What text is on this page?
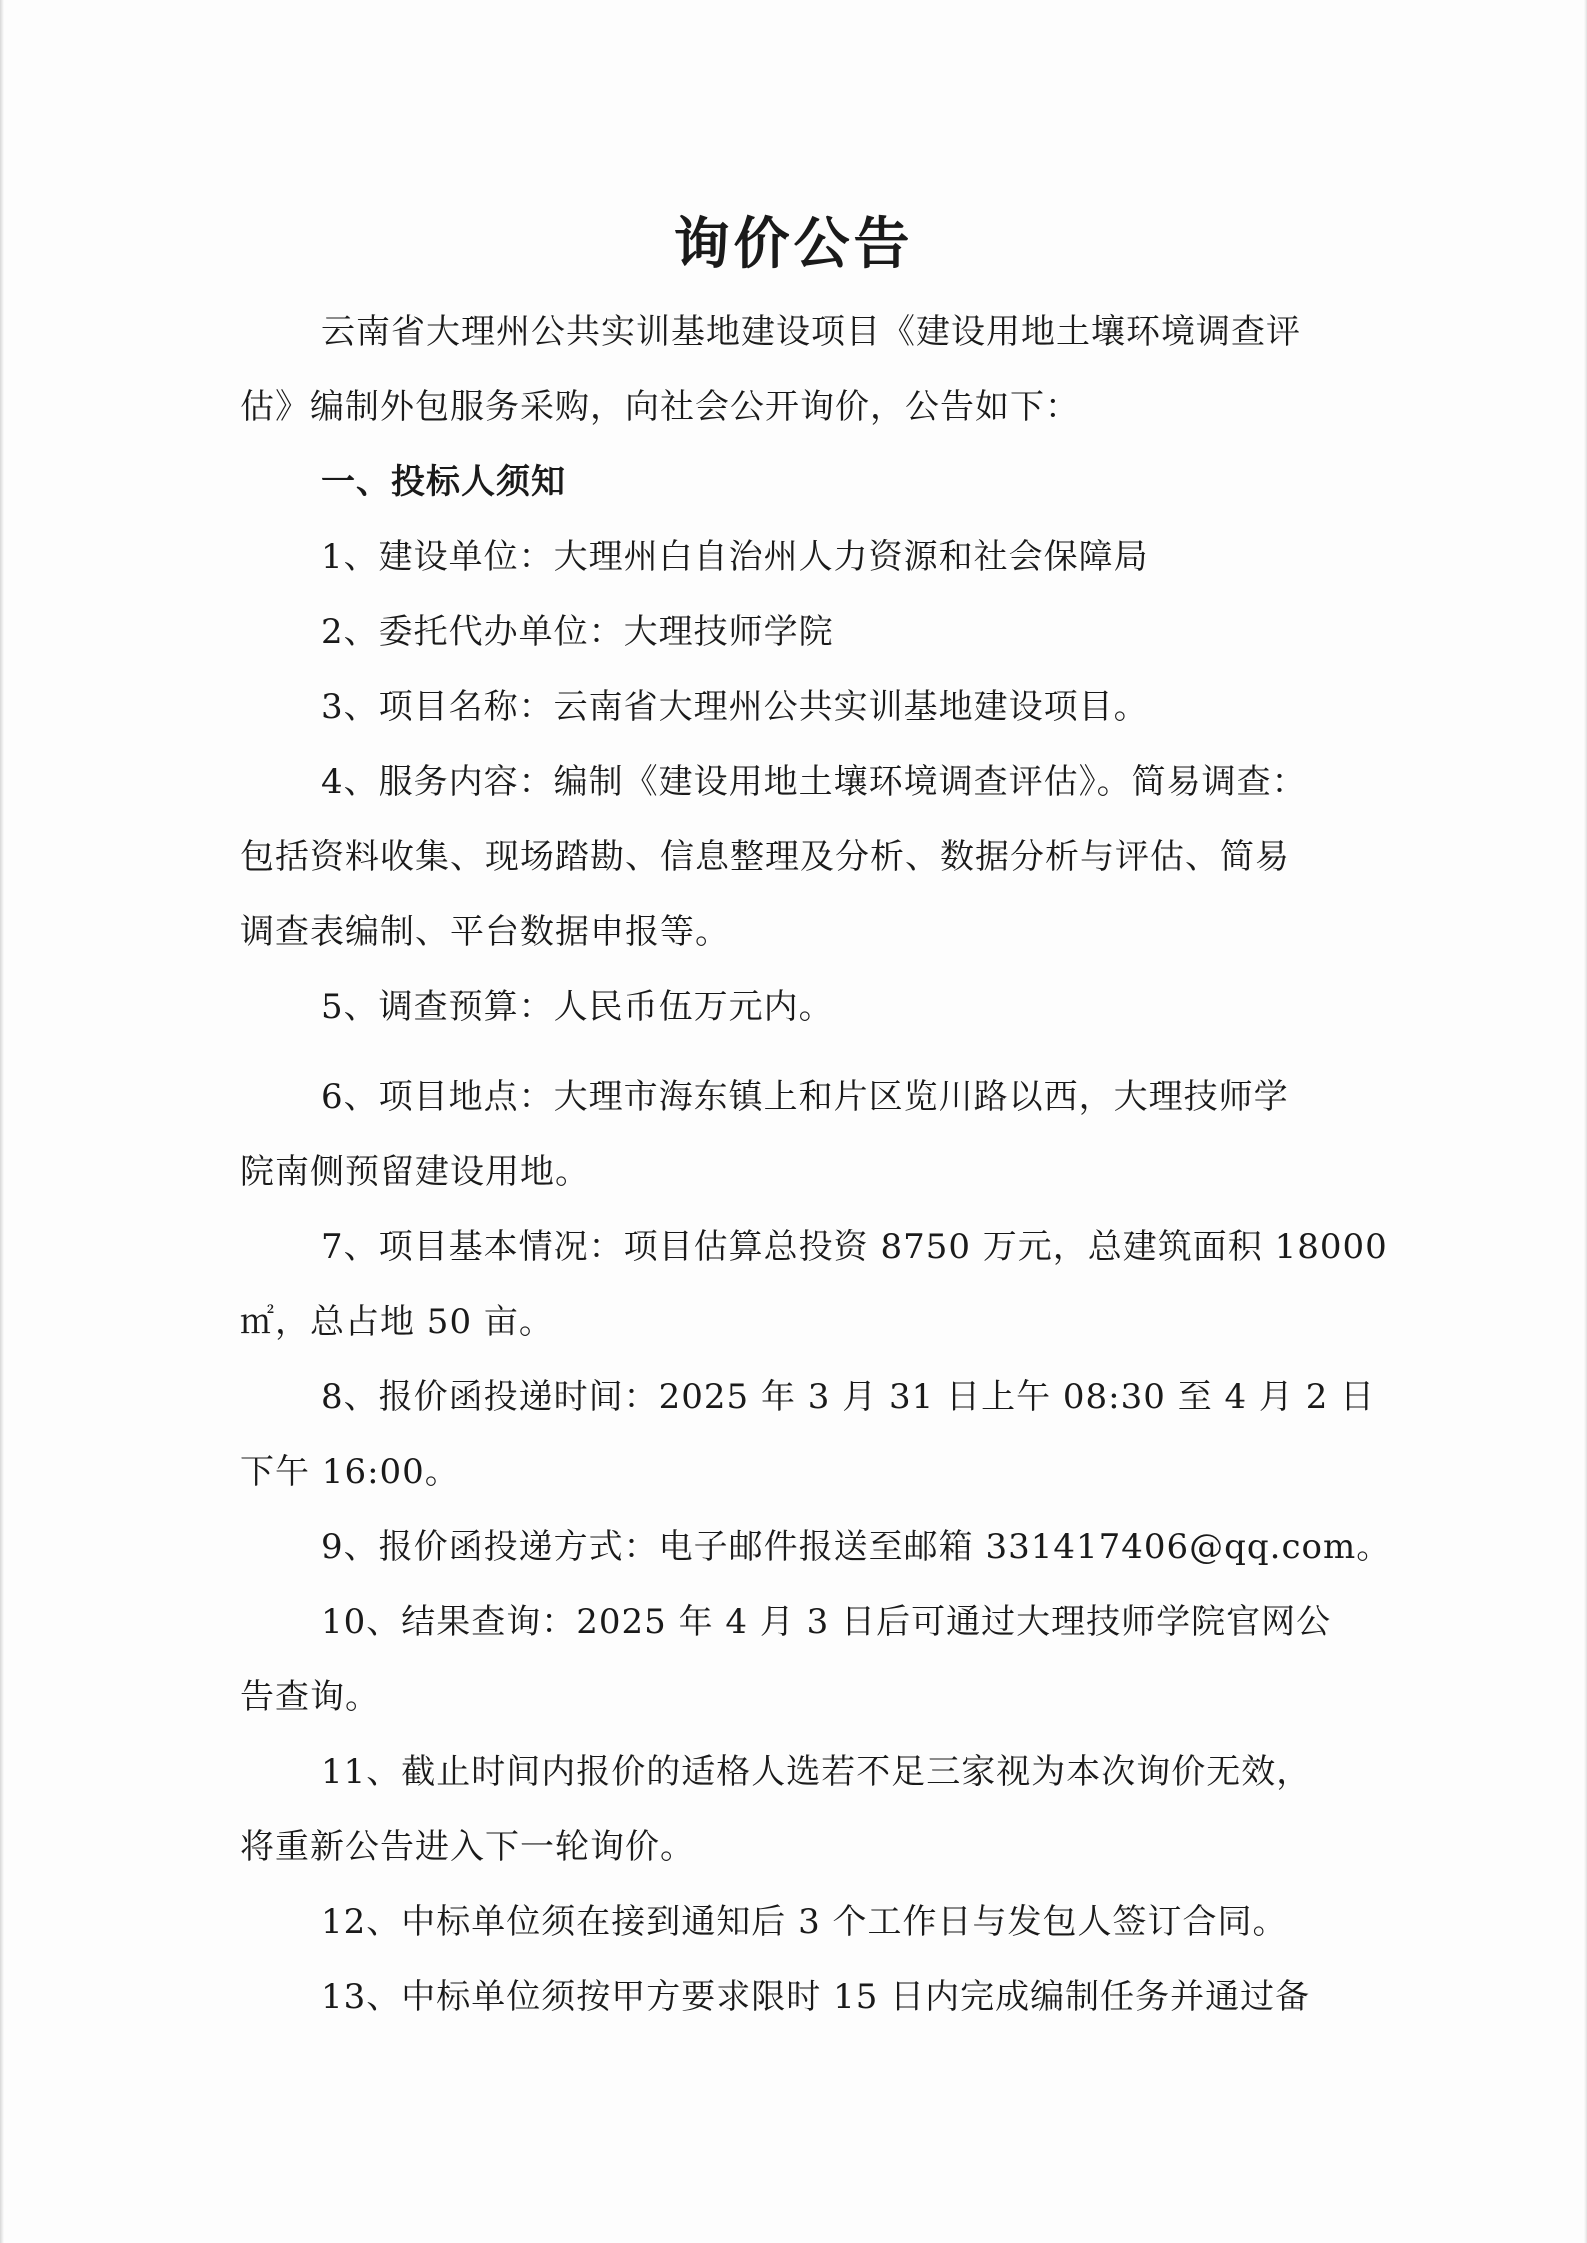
询价公告
云南省大理州公共实训基地建设项目《建设用地土壤环境调查评
估》编制外包服务采购，向社会公开询价，公告如下：
一、投标人须知
1、建设单位：大理州白自治州人力资源和社会保障局
2、委托代办单位：大理技师学院
3、项目名称：云南省大理州公共实训基地建设项目。
4、服务内容：编制《建设用地土壤环境调查评估》。简易调查：
包括资料收集、现场踏勘、信息整理及分析、数据分析与评估、简易
调查表编制、平台数据申报等。
5、调查预算：人民币伍万元内。
6、项目地点：大理市海东镇上和片区览川路以西，大理技师学
院南侧预留建设用地。
7、项目基本情况：项目估算总投资 8750 万元，总建筑面积 18000
㎡，总占地 50 亩。
8、报价函投递时间：2025 年 3 月 31 日上午 08:30 至 4 月 2 日
下午 16:00。
9、报价函投递方式：电子邮件报送至邮箱 331417406@qq.com。
10、结果查询：2025 年 4 月 3 日后可通过大理技师学院官网公
告查询。
11、截止时间内报价的适格人选若不足三家视为本次询价无效，
将重新公告进入下一轮询价。
12、中标单位须在接到通知后 3 个工作日与发包人签订合同。
13、中标单位须按甲方要求限时 15 日内完成编制任务并通过备
